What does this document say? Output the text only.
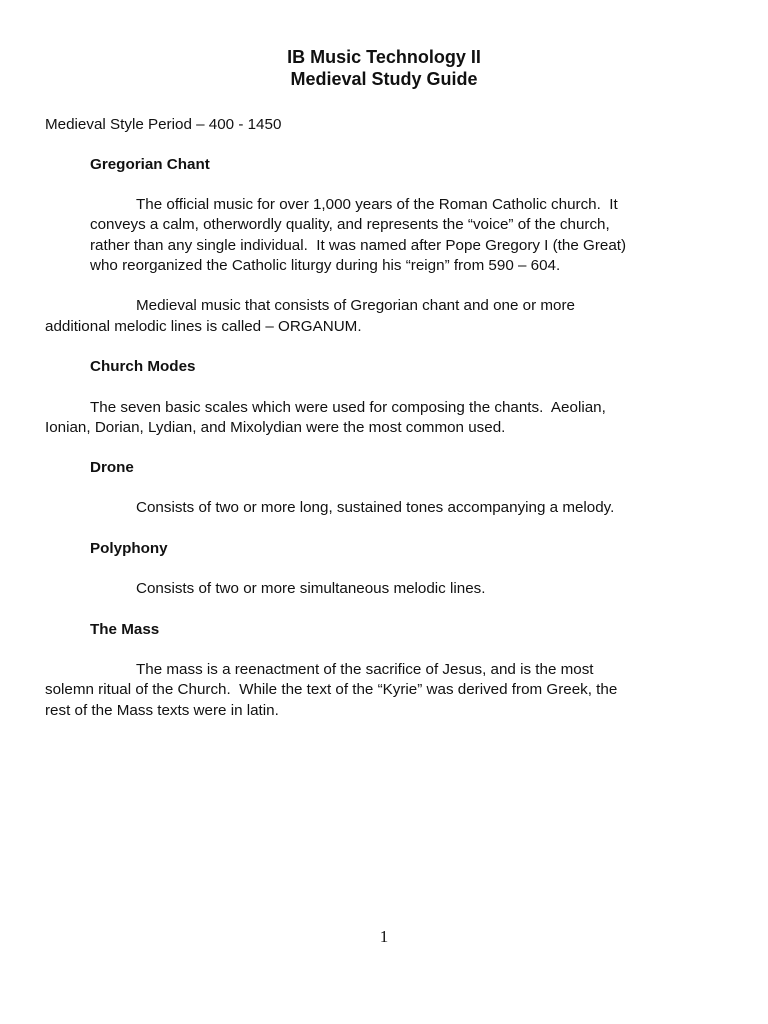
IB Music Technology II
Medieval Study Guide

Medieval Style Period – 400 - 1450

Gregorian Chant

The official music for over 1,000 years of the Roman Catholic church.  It

conveys a calm, otherwordly quality, and represents the “voice” of the church,

rather than any single individual.  It was named after Pope Gregory I (the Great)

who reorganized the Catholic liturgy during his “reign” from 590 – 604.

Medieval music that consists of Gregorian chant and one or more

additional melodic lines is called – ORGANUM.

Church Modes

The seven basic scales which were used for composing the chants.  Aeolian,

Ionian, Dorian, Lydian, and Mixolydian were the most common used.

Drone

Consists of two or more long, sustained tones accompanying a melody.

Polyphony

Consists of two or more simultaneous melodic lines.

The Mass

The mass is a reenactment of the sacrifice of Jesus, and is the most

solemn ritual of the Church.  While the text of the “Kyrie” was derived from Greek, the

rest of the Mass texts were in latin.

1
